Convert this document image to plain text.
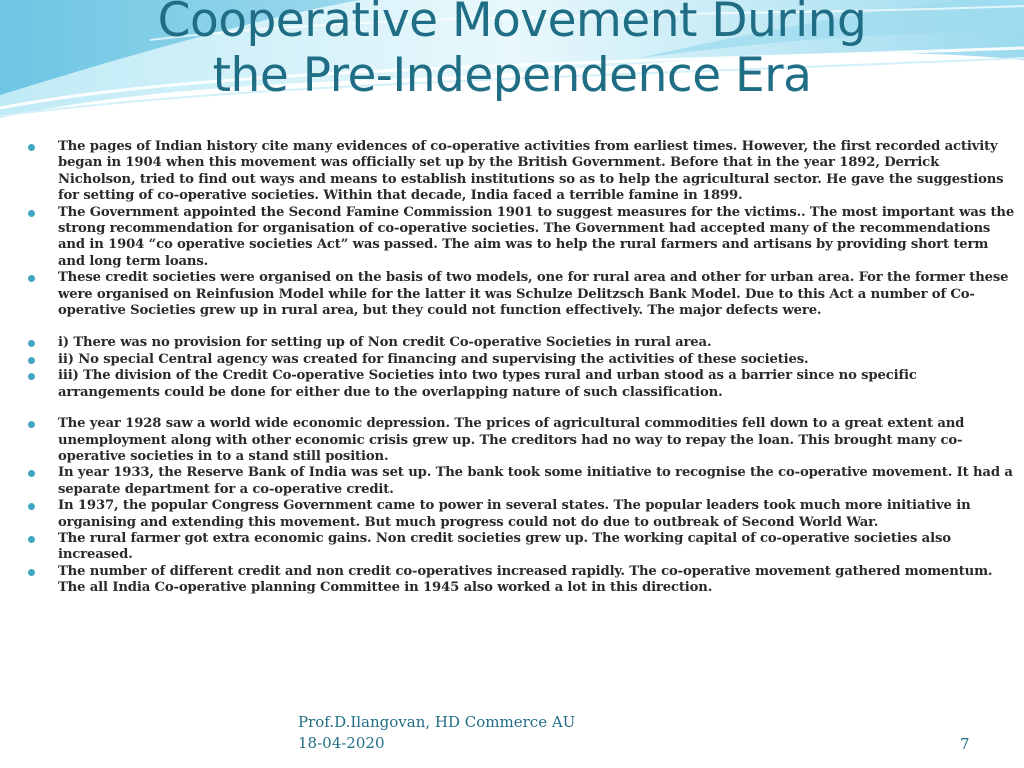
Cooperative Movement During
the Pre-Independence Era
The pages of Indian history cite many evidences of co-operative activities from earliest times. However, the first recorded activity began in 1904 when this movement was officially set up by the British Government. Before that in the year 1892, Derrick Nicholson, tried to find out ways and means to establish institutions so as to help the agricultural sector. He gave the suggestions for setting of co-operative societies. Within that decade, India faced a terrible famine in 1899.
The Government appointed the Second Famine Commission 1901 to suggest measures for the victims.. The most important was the strong recommendation for organisation of co-operative societies. The Government had accepted many of the recommendations and in 1904 “co operative societies Act” was passed. The aim was to help the rural farmers and artisans by providing short term and long term loans.
These credit societies were organised on the basis of two models, one for rural area and other for urban area. For the former these were organised on Reinfusion Model while for the latter it was Schulze Delitzsch Bank Model. Due to this Act a number of Co-operative Societies grew up in rural area, but they could not function effectively. The major defects were.
i) There was no provision for setting up of Non credit Co-operative Societies in rural area.
ii) No special Central agency was created for financing and supervising the activities of these societies.
iii) The division of the Credit Co-operative Societies into two types rural and urban stood as a barrier since no specific arrangements could be done for either due to the overlapping nature of such classification.
The year 1928 saw a world wide economic depression. The prices of agricultural commodities fell down to a great extent and unemployment along with other economic crisis grew up. The creditors had no way to repay the loan. This brought many co-operative societies in to a stand still position.
In year 1933, the Reserve Bank of India was set up. The bank took some initiative to recognise the co-operative movement. It had a separate department for a co-operative credit.
In 1937, the popular Congress Government came to power in several states. The popular leaders took much more initiative in organising and extending this movement. But much progress could not do due to outbreak of Second World War.
The rural farmer got extra economic gains. Non credit societies grew up. The working capital of co-operative societies also increased.
The number of different credit and non credit co-operatives increased rapidly. The co-operative movement gathered momentum. The all India Co-operative planning Committee in 1945 also worked a lot in this direction.
Prof.D.Ilangovan, HD Commerce AU
18-04-2020	7
